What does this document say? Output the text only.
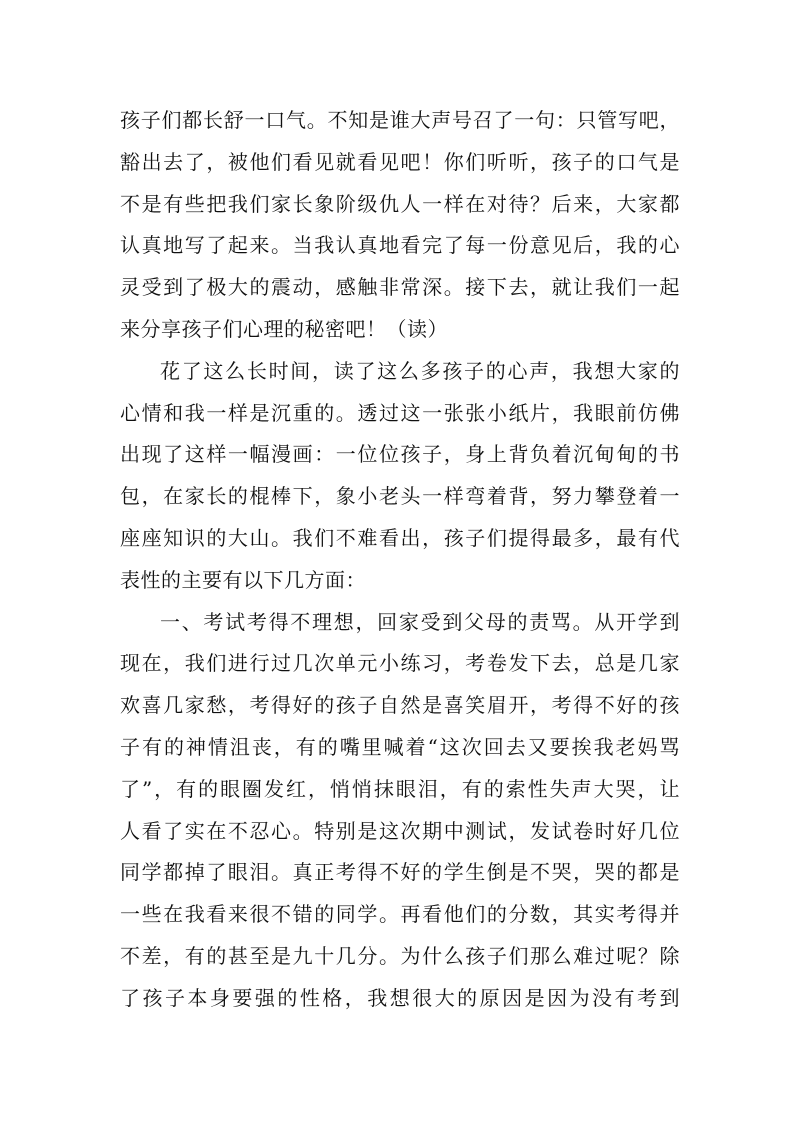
孩子们都长舒一口气。不知是谁大声号召了一句：只管写吧，
豁出去了，被他们看见就看见吧！你们听听，孩子的口气是
不是有些把我们家长象阶级仇人一样在对待？后来，大家都
认真地写了起来。当我认真地看完了每一份意见后，我的心
灵受到了极大的震动，感触非常深。接下去，就让我们一起
来分享孩子们心理的秘密吧！（读）
花了这么长时间，读了这么多孩子的心声，我想大家的
心情和我一样是沉重的。透过这一张张小纸片，我眼前仿佛
出现了这样一幅漫画：一位位孩子，身上背负着沉甸甸的书
包，在家长的棍棒下，象小老头一样弯着背，努力攀登着一
座座知识的大山。我们不难看出，孩子们提得最多，最有代
表性的主要有以下几方面：
一、考试考得不理想，回家受到父母的责骂。从开学到
现在，我们进行过几次单元小练习，考卷发下去，总是几家
欢喜几家愁，考得好的孩子自然是喜笑眉开，考得不好的孩
子有的神情沮丧，有的嘴里喊着“这次回去又要挨我老妈骂
了”，有的眼圈发红，悄悄抹眼泪，有的索性失声大哭，让
人看了实在不忍心。特别是这次期中测试，发试卷时好几位
同学都掉了眼泪。真正考得不好的学生倒是不哭，哭的都是
一些在我看来很不错的同学。再看他们的分数，其实考得并
不差，有的甚至是九十几分。为什么孩子们那么难过呢？除
了孩子本身要强的性格，我想很大的原因是因为没有考到
